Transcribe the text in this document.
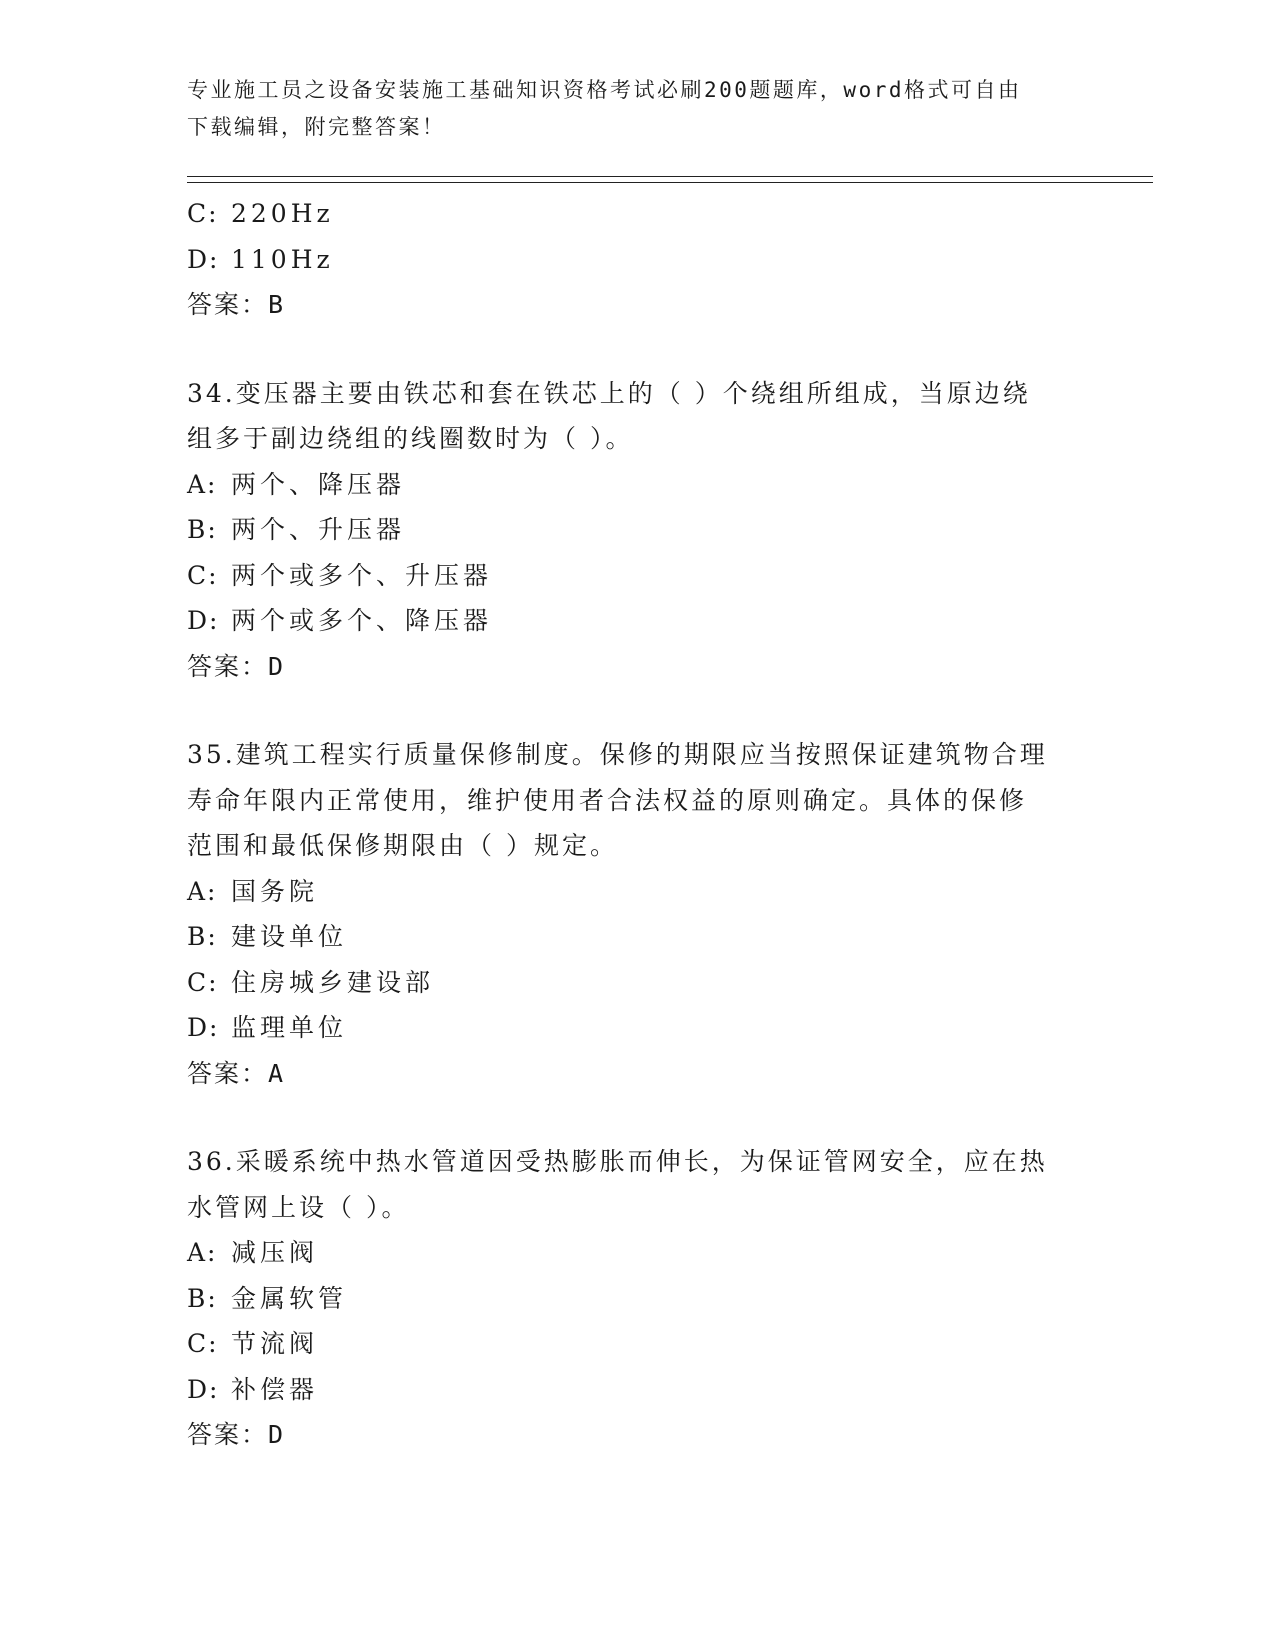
专业施工员之设备安装施工基础知识资格考试必刷200题题库，word格式可自由
下载编辑，附完整答案！
C: 220Hz
D: 110Hz
答案：B
34.变压器主要由铁芯和套在铁芯上的（ ）个绕组所组成，当原边绕
组多于副边绕组的线圈数时为（ ）。
A: 两个、降压器
B: 两个、升压器
C: 两个或多个、升压器
D: 两个或多个、降压器
答案：D
35.建筑工程实行质量保修制度。保修的期限应当按照保证建筑物合理
寿命年限内正常使用，维护使用者合法权益的原则确定。具体的保修
范围和最低保修期限由（ ）规定。
A: 国务院
B: 建设单位
C: 住房城乡建设部
D: 监理单位
答案：A
36.采暖系统中热水管道因受热膨胀而伸长，为保证管网安全，应在热
水管网上设（ ）。
A: 减压阀
B: 金属软管
C: 节流阀
D: 补偿器
答案：D
